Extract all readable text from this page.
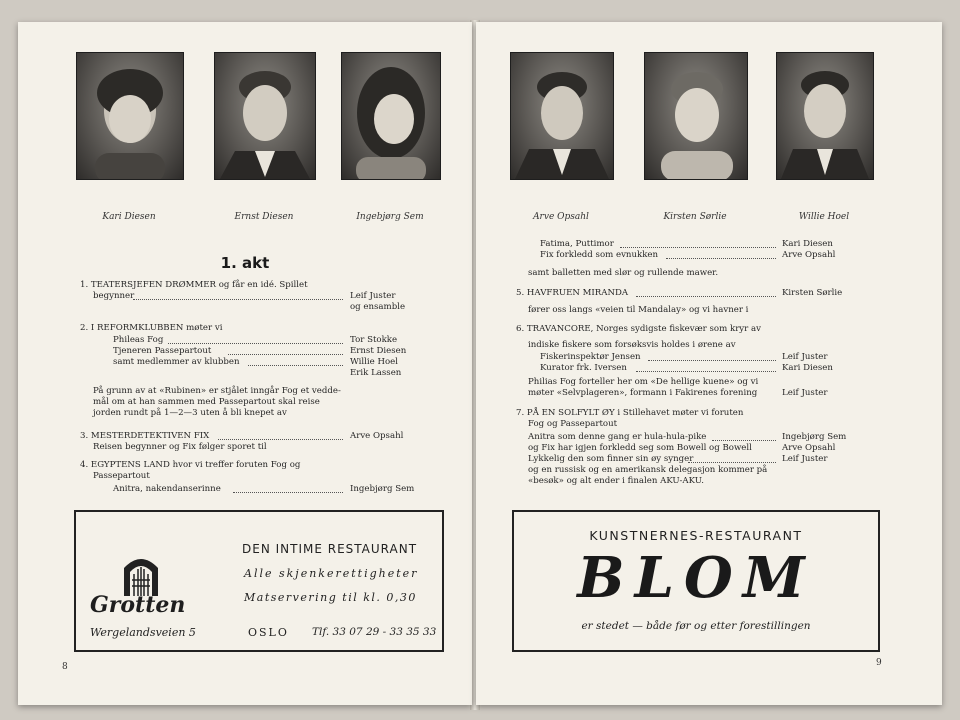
Kari Diesen	Ernst Diesen	Ingebjørg Sem
1. akt
1. TEATERSJEFEN DRØMMER og får en idé. Spillet
begynner	Leif Juster
og ensamble
2. I REFORMKLUBBEN møter vi
Phileas Fog	Tor Stokke
Tjeneren Passepartout	Ernst Diesen
samt medlemmer av klubben	Willie Hoel
Erik Lassen
På grunn av at «Rubinen» er stjålet inngår Fog et vedde-
mål om at han sammen med Passepartout skal reise
jorden rundt på 1—2—3 uten å bli knepet av
3. MESTERDETEKTIVEN FIX	Arve Opsahl
Reisen begynner og Fix følger sporet til
4. EGYPTENS LAND hvor vi treffer foruten Fog og
Passepartout
Anitra, nakendanserinne	Ingebjørg Sem
Grotten
DEN INTIME RESTAURANT
Alle skjenkerettigheter
Matservering til kl. 0,30
Wergelandsveien 5	OSLO Tlf. 33 07 29 - 33 35 33
8
Arve Opsahl	Kirsten Sørlie	Willie Hoel
Fatima, Puttimor	Kari Diesen
Fix forkledd som evnukken	Arve Opsahl
samt balletten med slør og rullende mawer.
5. HAVFRUEN MIRANDA	Kirsten Sørlie
fører oss langs «veien til Mandalay» og vi havner i
6. TRAVANCORE, Norges sydigste fiskevær som kryr av
indiske fiskere som forsøksvis holdes i ørene av
Fiskerinspektør Jensen	Leif Juster
Kurator frk. Iversen	Kari Diesen
Philias Fog forteller her om «De hellige kuene» og vi
møter «Selvplageren», formann i Fakirenes forening	Leif Juster
7. PÅ EN SOLFYLT ØY i Stillehavet møter vi foruten
Fog og Passepartout
Anitra som denne gang er hula-hula-pike	Ingebjørg Sem
og Fix har igjen forkledd seg som Bowell og Bowell	Arve Opsahl
Lykkelig den som finner sin øy synger	Leif Juster
og en russisk og en amerikansk delegasjon kommer på
«besøk» og alt ender i finalen AKU-AKU.
KUNSTNERNES-RESTAURANT
BLOM
er stedet — både før og etter forestillingen
9
